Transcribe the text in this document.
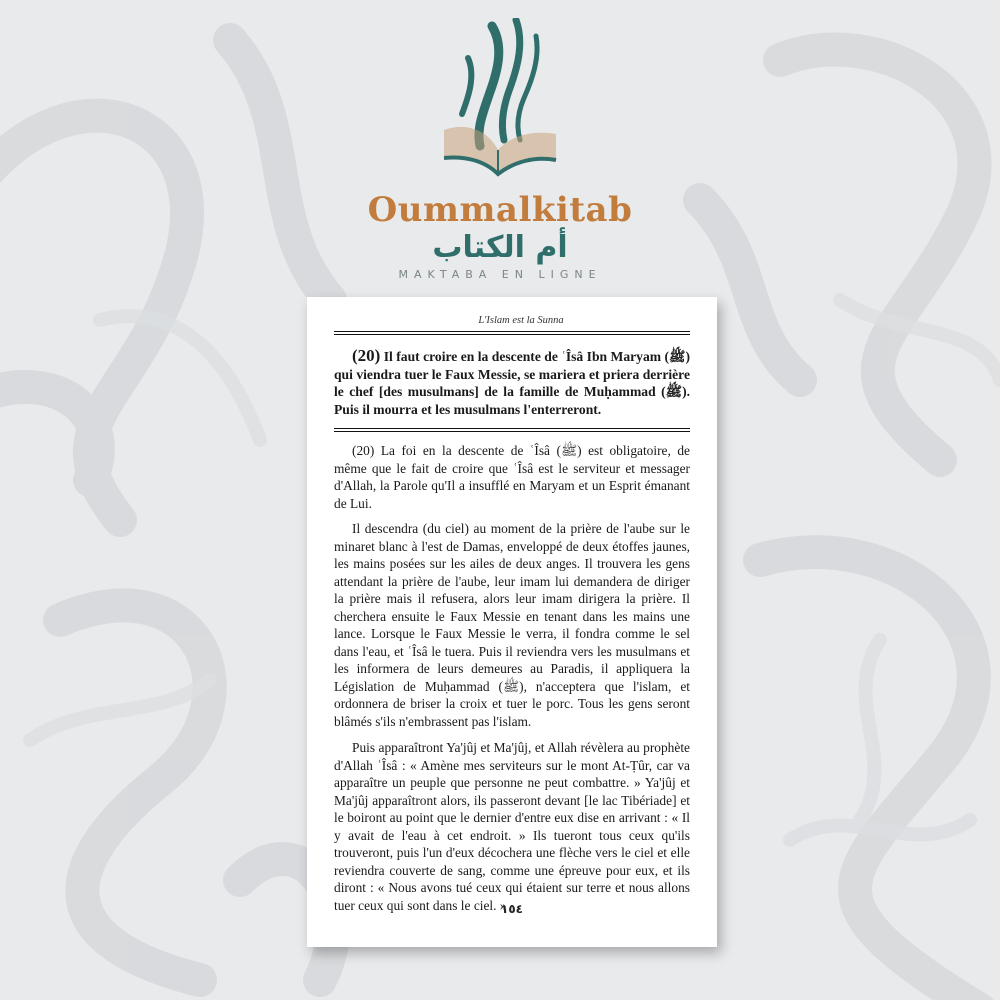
Oummalkitab
أم الكتاب
MAKTABA EN LIGNE
L'Islam est la Sunna

(20) Il faut croire en la descente de ʿÎsâ Ibn Maryam (ﷺ) qui viendra tuer le Faux Messie, se mariera et priera derrière le chef [des musulmans] de la famille de Muḥammad (ﷺ). Puis il mourra et les musulmans l'enterreront.

(20) La foi en la descente de ʿÎsâ (ﷺ) est obligatoire, de même que le fait de croire que ʿÎsâ est le serviteur et messager d'Allah, la Parole qu'Il a insufflé en Maryam et un Esprit émanant de Lui.

Il descendra (du ciel) au moment de la prière de l'aube sur le minaret blanc à l'est de Damas, enveloppé de deux étoffes jaunes, les mains posées sur les ailes de deux anges. Il trouvera les gens attendant la prière de l'aube, leur imam lui demandera de diriger la prière mais il refusera, alors leur imam dirigera la prière. Il cherchera ensuite le Faux Messie en tenant dans les mains une lance. Lorsque le Faux Messie le verra, il fondra comme le sel dans l'eau, et ʿÎsâ le tuera. Puis il reviendra vers les musulmans et les informera de leurs demeures au Paradis, il appliquera la Législation de Muḥammad (ﷺ), n'acceptera que l'islam, et ordonnera de briser la croix et tuer le porc. Tous les gens seront blâmés s'ils n'embrassent pas l'islam.

Puis apparaîtront Ya'jûj et Ma'jûj, et Allah révèlera au prophète d'Allah ʿÎsâ : « Amène mes serviteurs sur le mont At-Ṭûr, car va apparaître un peuple que personne ne peut combattre. » Ya'jûj et Ma'jûj apparaîtront alors, ils passeront devant [le lac Tibériade] et le boiront au point que le dernier d'entre eux dise en arrivant : « Il y avait de l'eau à cet endroit. » Ils tueront tous ceux qu'ils trouveront, puis l'un d'eux décochera une flèche vers le ciel et elle reviendra couverte de sang, comme une épreuve pour eux, et ils diront : « Nous avons tué ceux qui étaient sur terre et nous allons tuer ceux qui sont dans le ciel. »

١٥٤
